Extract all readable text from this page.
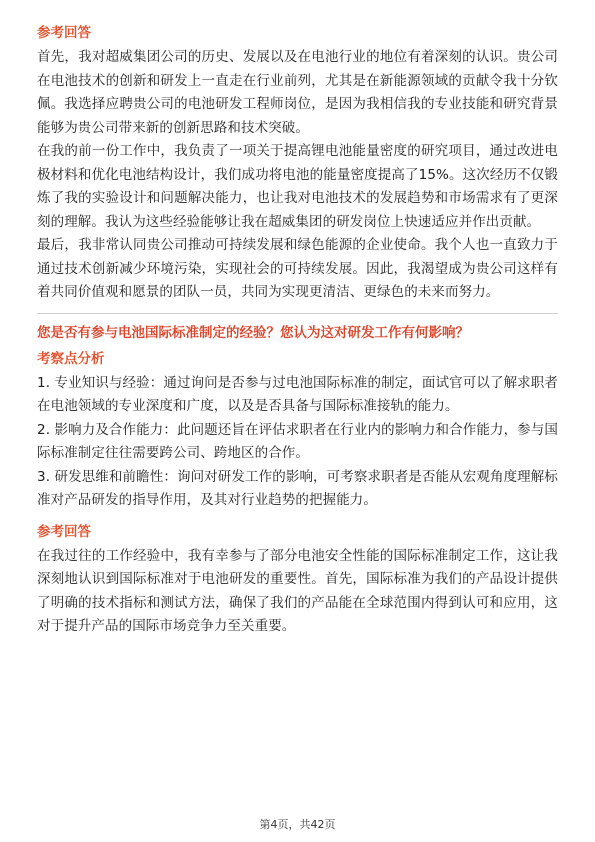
参考回答

首先，我对超威集团公司的历史、发展以及在电池行业的地位有着深刻的认识。贵公司在电池技术的创新和研发上一直走在行业前列，尤其是在新能源领域的贡献令我十分钦佩。我选择应聘贵公司的电池研发工程师岗位，是因为我相信我的专业技能和研究背景能够为贵公司带来新的创新思路和技术突破。

在我的前一份工作中，我负责了一项关于提高锂电池能量密度的研究项目，通过改进电极材料和优化电池结构设计，我们成功将电池的能量密度提高了15%。这次经历不仅锻炼了我的实验设计和问题解决能力，也让我对电池技术的发展趋势和市场需求有了更深刻的理解。我认为这些经验能够让我在超威集团的研发岗位上快速适应并作出贡献。

最后，我非常认同贵公司推动可持续发展和绿色能源的企业使命。我个人也一直致力于通过技术创新减少环境污染，实现社会的可持续发展。因此，我渴望成为贵公司这样有着共同价值观和愿景的团队一员，共同为实现更清洁、更绿色的未来而努力。

您是否有参与电池国际标准制定的经验？您认为这对研发工作有何影响？
考察点分析

1. 专业知识与经验：通过询问是否参与过电池国际标准的制定，面试官可以了解求职者在电池领域的专业深度和广度，以及是否具备与国际标准接轨的能力。

2. 影响力及合作能力：此问题还旨在评估求职者在行业内的影响力和合作能力，参与国际标准制定往往需要跨公司、跨地区的合作。

3. 研发思维和前瞻性：询问对研发工作的影响，可考察求职者是否能从宏观角度理解标准对产品研发的指导作用，及其对行业趋势的把握能力。

参考回答

在我过往的工作经验中，我有幸参与了部分电池安全性能的国际标准制定工作，这让我深刻地认识到国际标准对于电池研发的重要性。首先，国际标准为我们的产品设计提供了明确的技术指标和测试方法，确保了我们的产品能在全球范围内得到认可和应用，这对于提升产品的国际市场竞争力至关重要。

第4页，共42页
